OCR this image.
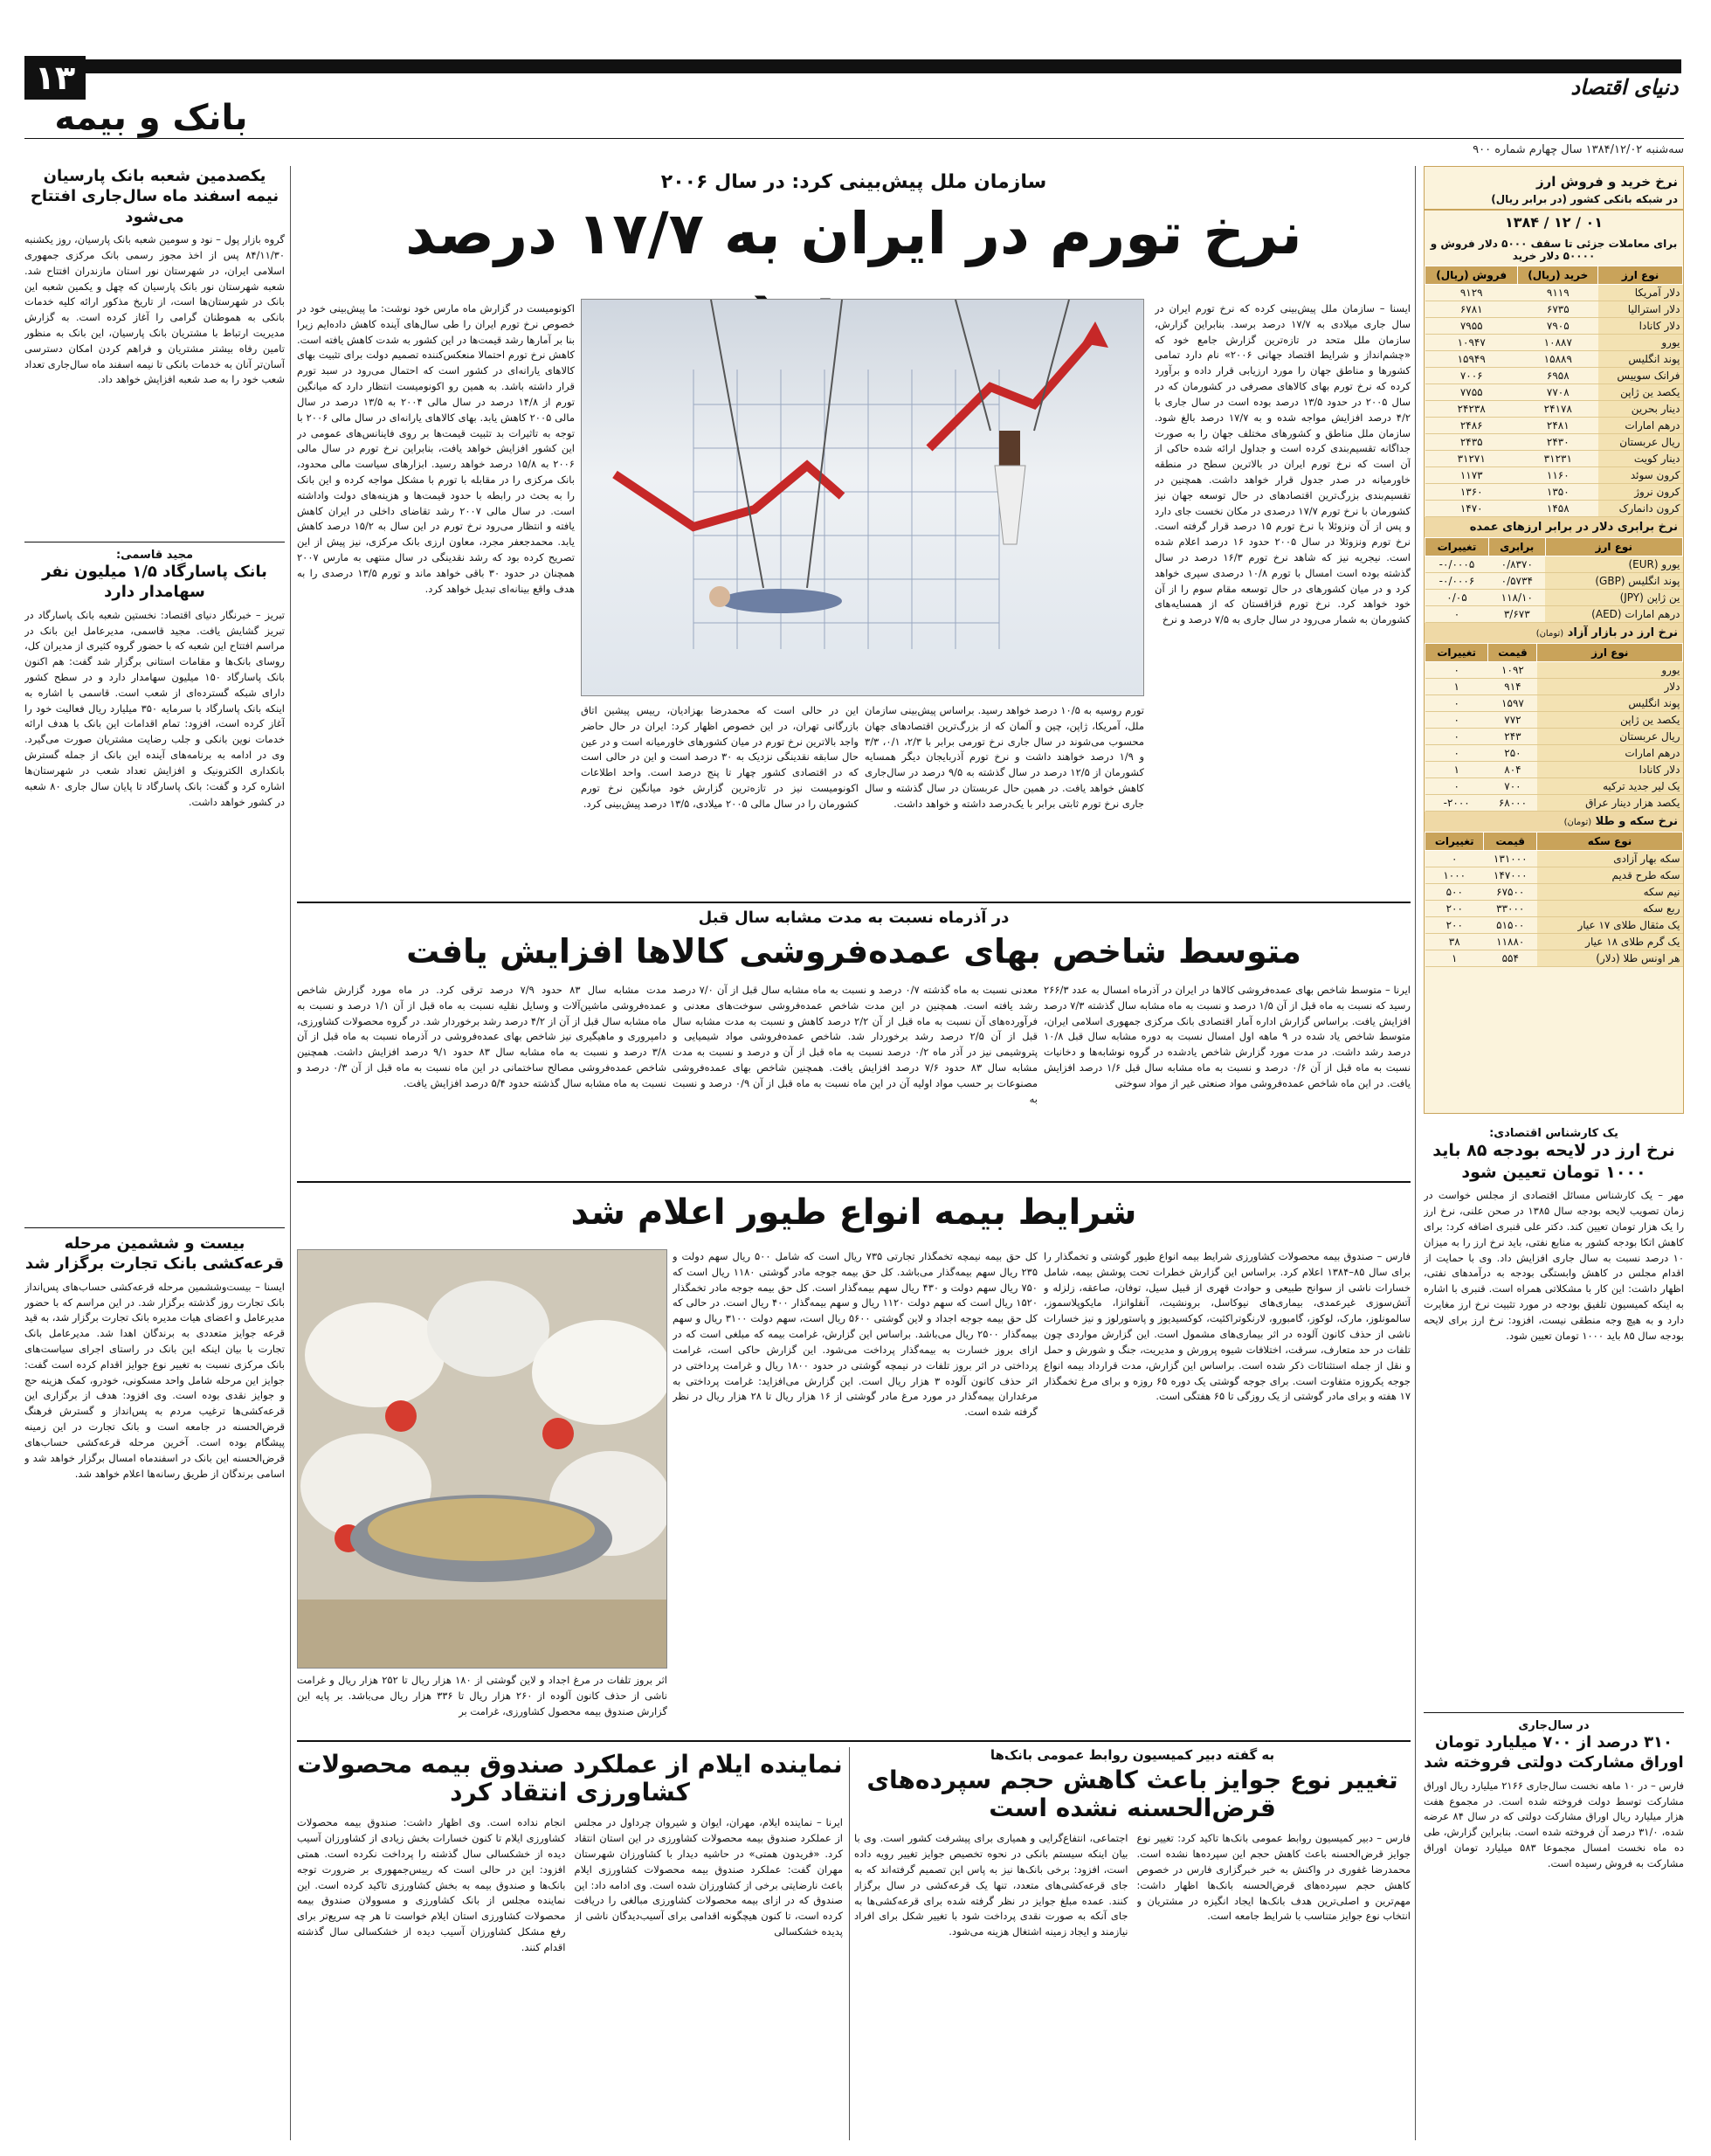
۱۳
بانک و بیمه
دنیای اقتصاد
سه‌شنبه ۱۳۸۴/۱۲/۰۲ سال چهارم شماره ۹۰۰
نرخ خرید و فروش ارز
در شبکه بانکی کشور (در برابر ریال)
۰۱ / ۱۲ / ۱۳۸۴
برای معاملات جزئی تا سقف ۵۰۰۰ دلار فروش و ۵۰۰۰۰ دلار خرید
نوع ارز	خرید (ریال)	فروش (ریال)
دلار آمریکا	۹۱۱۹	۹۱۲۹
دلار استرالیا	۶۷۳۵	۶۷۸۱
دلار کانادا	۷۹۰۵	۷۹۵۵
یورو	۱۰۸۸۷	۱۰۹۴۷
پوند انگلیس	۱۵۸۸۹	۱۵۹۴۹
فرانک سوییس	۶۹۵۸	۷۰۰۶
یکصد ین ژاپن	۷۷۰۸	۷۷۵۵
دینار بحرین	۲۴۱۷۸	۲۴۲۳۸
درهم امارات	۲۴۸۱	۲۴۸۶
ریال عربستان	۲۴۳۰	۲۴۳۵
دینار کویت	۳۱۲۳۱	۳۱۲۷۱
کرون سوئد	۱۱۶۰	۱۱۷۳
کرون نروژ	۱۳۵۰	۱۳۶۰
کرون دانمارک	۱۴۵۸	۱۴۷۰
نرخ برابری دلار در برابر ارزهای عمده
نوع ارز	برابری	تغییرات
یورو (EUR)	۰/۸۳۷۰	-۰/۰۰۰۵
پوند انگلیس (GBP)	۰/۵۷۳۴	-۰/۰۰۰۶
ین ژاپن (JPY)	۱۱۸/۱۰	۰/۰۵
درهم امارات (AED)	۳/۶۷۳	۰
نرخ ارز در بازار آزاد (تومان)
نوع ارز	قیمت	تغییرات
یورو	۱۰۹۲	۰
دلار	۹۱۴	۱
پوند انگلیس	۱۵۹۷	۰
یکصد ین ژاپن	۷۷۲	۰
ریال عربستان	۲۴۳	۰
درهم امارات	۲۵۰	۰
دلار کانادا	۸۰۴	۱
یک لیر جدید ترکیه	۷۰۰	۰
یکصد هزار دینار عراق	۶۸۰۰۰	-۲۰۰۰
نرخ سکه و طلا (تومان)
نوع سکه	قیمت	تغییرات
سکه بهار آزادی	۱۳۱۰۰۰	۰
سکه طرح قدیم	۱۴۷۰۰۰	۱۰۰۰
نیم سکه	۶۷۵۰۰	۵۰۰
ربع سکه	۳۳۰۰۰	۲۰۰
یک مثقال طلای ۱۷ عیار	۵۱۵۰۰	۲۰۰
یک گرم طلای ۱۸ عیار	۱۱۸۸۰	۳۸
هر اونس طلا (دلار)	۵۵۴	۱
یک کارشناس اقتصادی:
نرخ ارز در لایحه بودجه ۸۵ باید ۱۰۰۰ تومان تعیین شود
مهر – یک کارشناس مسائل اقتصادی از مجلس خواست در زمان تصویب لایحه بودجه سال ۱۳۸۵ در صحن علنی، نرخ ارز را یک هزار تومان تعیین کند. دکتر علی قنبری اضافه کرد: برای کاهش اتکا بودجه کشور به منابع نفتی، باید نرخ ارز را به میزان ۱۰ درصد نسبت به سال جاری افزایش داد. وی با حمایت از اقدام مجلس در کاهش وابستگی بودجه به درآمدهای نفتی، اظهار داشت: این کار با مشکلاتی همراه است. قنبری با اشاره به اینکه کمیسیون تلفیق بودجه در مورد تثبیت نرخ ارز مغایرت دارد و به هیچ وجه منطقی نیست، افزود: نرخ ارز برای لایحه بودجه سال ۸۵ باید ۱۰۰۰ تومان تعیین شود.
در سال‌جاری
۳۱۰ درصد از ۷۰۰ میلیارد تومان اوراق مشارکت دولتی فروخته شد
فارس – در ۱۰ ماهه نخست سال‌جاری ۲۱۶۶ میلیارد ریال اوراق مشارکت توسط دولت فروخته شده است. در مجموع هفت هزار میلیارد ریال اوراق مشارکت دولتی که در سال ۸۴ عرضه شده، ۳۱/۰ درصد آن فروخته شده است. بنابراین گزارش، طی ده ماه نخست امسال مجموعا ۵۸۳ میلیارد تومان اوراق مشارکت به فروش رسیده است.
یکصدمین شعبه بانک پارسیان نیمه اسفند ماه سال‌جاری افتتاح می‌شود
گروه بازار پول – نود و سومین شعبه بانک پارسیان، روز یکشنبه ۸۴/۱۱/۳۰ پس از اخذ مجوز رسمی بانک مرکزی جمهوری اسلامی ایران، در شهرستان نور استان مازندران افتتاح شد. شعبه شهرستان نور بانک پارسیان که چهل و یکمین شعبه این بانک در شهرستان‌ها است، از تاریخ مذکور ارائه کلیه خدمات بانکی به هموطنان گرامی را آغاز کرده است. به گزارش مدیریت ارتباط با مشتریان بانک پارسیان، این بانک به منظور تامین رفاه بیشتر مشتریان و فراهم کردن امکان دسترسی آسان‌تر آنان به خدمات بانکی تا نیمه اسفند ماه سال‌جاری تعداد شعب خود را به صد شعبه افزایش خواهد داد.
مجید قاسمی:
بانک پاسارگاد ۱/۵ میلیون نفر سهامدار دارد
تبریز – خبرنگار دنیای اقتصاد: نخستین شعبه بانک پاسارگاد در تبریز گشایش یافت. مجید قاسمی، مدیرعامل این بانک در مراسم افتتاح این شعبه که با حضور گروه کثیری از مدیران کل، روسای بانک‌ها و مقامات استانی برگزار شد گفت: هم اکنون بانک پاسارگاد ۱۵۰ میلیون سهامدار دارد و در سطح کشور دارای شبکه گسترده‌ای از شعب است. قاسمی با اشاره به اینکه بانک پاسارگاد با سرمایه ۳۵۰ میلیارد ریال فعالیت خود را آغاز کرده است، افزود: تمام اقدامات این بانک با هدف ارائه خدمات نوین بانکی و جلب رضایت مشتریان صورت می‌گیرد. وی در ادامه به برنامه‌های آینده این بانک از جمله گسترش بانکداری الکترونیک و افزایش تعداد شعب در شهرستان‌ها اشاره کرد و گفت: بانک پاسارگاد تا پایان سال جاری ۸۰ شعبه در کشور خواهد داشت.
بیست و ششمین مرحله قرعه‌کشی بانک تجارت برگزار شد
ایسنا – بیست‌وششمین مرحله قرعه‌کشی حساب‌های پس‌انداز بانک تجارت روز گذشته برگزار شد. در این مراسم که با حضور مدیرعامل و اعضای هیات مدیره بانک تجارت برگزار شد، به قید قرعه جوایز متعددی به برندگان اهدا شد. مدیرعامل بانک تجارت با بیان اینکه این بانک در راستای اجرای سیاست‌های بانک مرکزی نسبت به تغییر نوع جوایز اقدام کرده است گفت: جوایز این مرحله شامل واحد مسکونی، خودرو، کمک هزینه حج و جوایز نقدی بوده است. وی افزود: هدف از برگزاری این قرعه‌کشی‌ها ترغیب مردم به پس‌انداز و گسترش فرهنگ قرض‌الحسنه در جامعه است و بانک تجارت در این زمینه پیشگام بوده است. آخرین مرحله قرعه‌کشی حساب‌های قرض‌الحسنه این بانک در اسفندماه امسال برگزار خواهد شد و اسامی برندگان از طریق رسانه‌ها اعلام خواهد شد.
سازمان ملل پیش‌بینی کرد: در سال ۲۰۰۶
نرخ تورم در ایران به ۱۷/۷ درصد
ایسنا – سازمان ملل پیش‌بینی کرده که نرخ تورم ایران در سال جاری میلادی به ۱۷/۷ درصد برسد. بنابراین گزارش، سازمان ملل متحد در تازه‌ترین گزارش جامع خود که «چشم‌انداز و شرایط اقتصاد جهانی ۲۰۰۶» نام دارد تمامی کشورها و مناطق جهان را مورد ارزیابی قرار داده و برآورد کرده که نرخ تورم بهای کالاهای مصرفی در کشورمان که در سال ۲۰۰۵ در حدود ۱۳/۵ درصد بوده است در سال جاری با ۴/۲ درصد افزایش مواجه شده و به ۱۷/۷ درصد بالغ شود. سازمان ملل مناطق و کشورهای مختلف جهان را به صورت جداگانه تقسیم‌بندی کرده است و جداول ارائه شده حاکی از آن است که نرخ تورم ایران در بالاترین سطح در منطقه خاورمیانه در صدر جدول قرار خواهد داشت. همچنین در تقسیم‌بندی بزرگ‌ترین اقتصادهای در حال توسعه جهان نیز کشورمان با نرخ تورم ۱۷/۷ درصدی در مکان نخست جای دارد و پس از آن ونزوئلا با نرخ تورم ۱۵ درصد قرار گرفته است. نرخ تورم ونزوئلا در سال ۲۰۰۵ حدود ۱۶ درصد اعلام شده است. نیجریه نیز که شاهد نرخ تورم ۱۶/۳ درصد در سال گذشته بوده است امسال با تورم ۱۰/۸ درصدی سپری خواهد کرد و در میان کشورهای در حال توسعه مقام سوم را از آن خود خواهد کرد. نرخ تورم قزاقستان که از همسایه‌های کشورمان به شمار می‌رود در سال جاری به ۷/۵ درصد و نرخ
تورم روسیه به ۱۰/۵ درصد خواهد رسید. براساس پیش‌بینی سازمان ملل، آمریکا، ژاپن، چین و آلمان که از بزرگ‌ترین اقتصادهای جهان محسوب می‌شوند در سال جاری نرخ تورمی برابر با ۲/۳، ۰/۱، ۳/۳ و ۱/۹ درصد خواهند داشت و نرخ تورم آذربایجان دیگر همسایه کشورمان از ۱۲/۵ درصد در سال گذشته به ۹/۵ درصد در سال‌جاری کاهش خواهد یافت. در همین حال عربستان در سال گذشته و سال جاری نرخ تورم ثابتی برابر با یک‌درصد داشته و خواهد داشت.
این در حالی است که محمدرضا بهزادیان، رییس پیشین اتاق بازرگانی تهران، در این خصوص اظهار کرد: ایران در حال حاضر واجد بالاترین نرخ تورم در میان کشورهای خاورمیانه است و در عین حال سابقه نقدینگی نزدیک به ۳۰ درصد است و این در حالی است که در اقتصادی کشور چهار تا پنج درصد است. واحد اطلاعات اکونومیست نیز در تازه‌ترین گزارش خود میانگین نرخ تورم کشورمان را در سال مالی ۲۰۰۵ میلادی، ۱۳/۵ درصد پیش‌بینی کرد.
اکونومیست در گزارش ماه مارس خود نوشت: ما پیش‌بینی خود در خصوص نرخ تورم ایران را طی سال‌های آینده کاهش داده‌ایم زیرا بنا بر آمارها رشد قیمت‌ها در این کشور به شدت کاهش یافته است. کاهش نرخ تورم احتمالا منعکس‌کننده تصمیم دولت برای تثبیت بهای کالاهای یارانه‌ای در کشور است که احتمال می‌رود در سبد تورم قرار داشته باشد. به همین رو اکونومیست انتظار دارد که میانگین تورم از ۱۴/۸ درصد در سال مالی ۲۰۰۴ به ۱۳/۵ درصد در سال مالی ۲۰۰۵ کاهش یابد. بهای کالاهای یارانه‌ای در سال مالی ۲۰۰۶ با توجه به تاثیرات بد تثبیت قیمت‌ها بر روی فاینانس‌های عمومی در این کشور افزایش خواهد یافت، بنابراین نرخ تورم در سال مالی ۲۰۰۶ به ۱۵/۸ درصد خواهد رسید. ابزارهای سیاست مالی محدود، بانک مرکزی را در مقابله با تورم با مشکل مواجه کرده و این بانک را به بحث در رابطه با حدود قیمت‌ها و هزینه‌های دولت واداشته است. در سال مالی ۲۰۰۷ رشد تقاضای داخلی در ایران کاهش یافته و انتظار می‌رود نرخ تورم در این سال به ۱۵/۲ درصد کاهش یابد. محمدجعفر مجرد، معاون ارزی بانک مرکزی، نیز پیش از این تصریح کرده بود که رشد نقدینگی در سال منتهی به مارس ۲۰۰۷ همچنان در حدود ۳۰ باقی خواهد ماند و تورم ۱۳/۵ درصدی را به هدف واقع بینانه‌ای تبدیل خواهد کرد.
در آذرماه نسبت به مدت مشابه سال قبل
متوسط شاخص بهای عمده‌فروشی کالاها افزایش یافت
ایرنا – متوسط شاخص بهای عمده‌فروشی کالاها در ایران در آذرماه امسال به عدد ۲۶۶/۳ رسید که نسبت به ماه قبل از آن ۱/۵ درصد و نسبت به ماه مشابه سال گذشته ۷/۳ درصد افزایش یافت. براساس گزارش اداره آمار اقتصادی بانک مرکزی جمهوری اسلامی ایران، متوسط شاخص یاد شده در ۹ ماهه اول امسال نسبت به دوره مشابه سال قبل ۱۰/۸ درصد رشد داشت. در مدت مورد گزارش شاخص یادشده در گروه نوشابه‌ها و دخانیات نسبت به ماه قبل از آن ۰/۶ درصد و نسبت به ماه مشابه سال قبل ۱/۶ درصد افزایش یافت. در این ماه شاخص عمده‌فروشی مواد صنعتی غیر از مواد سوختی
معدنی نسبت به ماه گذشته ۰/۷ درصد و نسبت به ماه مشابه سال قبل از آن ۷/۰ درصد رشد یافته است. همچنین در این مدت شاخص عمده‌فروشی سوخت‌های معدنی و فرآورده‌های آن نسبت به ماه قبل از آن ۲/۲ درصد کاهش و نسبت به مدت مشابه سال قبل از آن ۲/۵ درصد رشد برخوردار شد. شاخص عمده‌فروشی مواد شیمیایی و پتروشیمی نیز در آذر ماه ۰/۲ درصد نسبت به ماه قبل از آن و درصد و نسبت به مدت مشابه سال ۸۳ حدود ۷/۶ درصد افزایش یافت. همچنین شاخص بهای عمده‌فروشی مصنوعات بر حسب مواد اولیه آن در این ماه نسبت به ماه قبل از آن ۰/۹ درصد و نسبت به
مدت مشابه سال ۸۳ حدود ۷/۹ درصد ترقی کرد. در ماه مورد گزارش شاخص عمده‌فروشی ماشین‌آلات و وسایل نقلیه نسبت به ماه قبل از آن ۱/۱ درصد و نسبت به ماه مشابه سال قبل از آن از ۴/۲ درصد رشد برخوردار شد. در گروه محصولات کشاورزی، دامپروری و ماهیگیری نیز شاخص بهای عمده‌فروشی در آذرماه نسبت به ماه قبل از آن ۳/۸ درصد و نسبت به ماه مشابه سال ۸۳ حدود ۹/۱ درصد افزایش داشت. همچنین شاخص عمده‌فروشی مصالح ساختمانی در این ماه نسبت به ماه قبل از آن ۰/۳ درصد و نسبت به ماه مشابه سال گذشته حدود ۵/۴ درصد افزایش یافت.
شرایط بیمه انواع طیور اعلام شد
فارس – صندوق بیمه محصولات کشاورزی شرایط بیمه انواع طیور گوشتی و تخمگذار را برای سال ۸۵–۱۳۸۴ اعلام کرد. براساس این گزارش خطرات تحت پوشش بیمه، شامل خسارات ناشی از سوانح طبیعی و حوادث قهری از قبیل سیل، توفان، صاعقه، زلزله و آتش‌سوزی غیرعمدی، بیماری‌های نیوکاسل، برونشیت، آنفلوانزا، مایکوپلاسموز، سالمونلوز، مارک، لوکوز، گامبورو، لارنگوتراکئیت، کوکسیدیوز و پاستورلوز و نیز خسارات ناشی از حذف کانون آلوده در اثر بیماری‌های مشمول است. این گزارش مواردی چون تلفات در حد متعارف، سرقت، اختلافات شیوه پرورش و مدیریت، جنگ و شورش و حمل و نقل از جمله استثنائات ذکر شده است. براساس این گزارش، مدت قرارداد بیمه انواع جوجه یکروزه متفاوت است. برای جوجه گوشتی یک دوره ۶۵ روزه و برای مرغ تخمگذار ۱۷ هفته و برای مادر گوشتی از یک روزگی تا ۶۵ هفتگی است.
کل حق بیمه نیمچه تخمگذار تجارتی ۷۳۵ ریال است که شامل ۵۰۰ ریال سهم دولت و ۲۳۵ ریال سهم بیمه‌گذار می‌باشد. کل حق بیمه جوجه مادر گوشتی ۱۱۸۰ ریال است که ۷۵۰ ریال سهم دولت و ۴۳۰ ریال سهم بیمه‌گذار است. کل حق بیمه جوجه مادر تخمگذار ۱۵۲۰ ریال است که سهم دولت ۱۱۲۰ ریال و سهم بیمه‌گذار ۴۰۰ ریال است. در حالی که کل حق بیمه جوجه اجداد و لاین گوشتی ۵۶۰۰ ریال است، سهم دولت ۳۱۰۰ ریال و سهم بیمه‌گذار ۲۵۰۰ ریال می‌باشد. براساس این گزارش، غرامت بیمه که مبلغی است که در ازای بروز خسارت به بیمه‌گذار پرداخت می‌شود. این گزارش حاکی است، غرامت پرداختی در اثر بروز تلفات در نیمچه گوشتی در حدود ۱۸۰۰ ریال و غرامت پرداختی در اثر حذف کانون آلوده ۳ هزار ریال است. این گزارش می‌افزاید: غرامت پرداختی به مرغداران بیمه‌گذار در مورد مرغ مادر گوشتی از ۱۶ هزار ریال تا ۲۸ هزار ریال در نظر گرفته شده است.
اثر بروز تلفات در مرغ اجداد و لاین گوشتی از ۱۸۰ هزار ریال تا ۲۵۲ هزار ریال و غرامت ناشی از حذف کانون آلوده از ۲۶۰ هزار ریال تا ۳۳۶ هزار ریال می‌باشد. بر پایه این گزارش صندوق بیمه محصول کشاورزی، غرامت بر
به گفته دبیر کمیسیون روابط عمومی بانک‌ها
تغییر نوع جوایز باعث کاهش حجم سپرده‌های قرض‌الحسنه نشده است
فارس – دبیر کمیسیون روابط عمومی بانک‌ها تاکید کرد: تغییر نوع جوایز قرض‌الحسنه باعث کاهش حجم این سپرده‌ها نشده است. محمدرضا غفوری در واکنش به خبر خبرگزاری فارس در خصوص کاهش حجم سپرده‌های قرض‌الحسنه بانک‌ها اظهار داشت: مهم‌ترین و اصلی‌ترین هدف بانک‌ها ایجاد انگیزه در مشتریان و انتخاب نوع جوایز متناسب با شرایط جامعه است.
اجتماعی، انتفاع‌گرایی و همیاری برای پیشرفت کشور است. وی با بیان اینکه سیستم بانکی در نحوه تخصیص جوایز تغییر رویه داده است، افزود: برخی بانک‌ها نیز به پاس این تصمیم گرفته‌اند که به جای قرعه‌کشی‌های متعدد، تنها یک قرعه‌کشی در سال برگزار کنند. عمده مبلغ جوایز در نظر گرفته شده برای قرعه‌کشی‌ها به جای آنکه به صورت نقدی پرداخت شود با تغییر شکل برای افراد نیازمند و ایجاد زمینه اشتغال هزینه می‌شود.
نماینده ایلام از عملکرد صندوق بیمه محصولات کشاورزی انتقاد کرد
ایرنا – نماینده ایلام، مهران، ایوان و شیروان چرداول در مجلس از عملکرد صندوق بیمه محصولات کشاورزی در این استان انتقاد کرد. «فریدون همتی» در حاشیه دیدار با کشاورزان شهرستان مهران گفت: عملکرد صندوق بیمه محصولات کشاورزی ایلام باعث نارضایتی برخی از کشاورزان شده است. وی ادامه داد: این صندوق که در ازای بیمه محصولات کشاورزی مبالغی را دریافت کرده است، تا کنون هیچگونه اقدامی برای آسیب‌دیدگان ناشی از پدیده خشکسالی
انجام نداده است. وی اظهار داشت: صندوق بیمه محصولات کشاورزی ایلام تا کنون خسارات بخش زیادی از کشاورزان آسیب دیده از خشکسالی سال گذشته را پرداخت نکرده است. همتی افزود: این در حالی است که رییس‌جمهوری بر ضرورت توجه بانک‌ها و صندوق بیمه به بخش کشاورزی تاکید کرده است. این نماینده مجلس از بانک کشاورزی و مسوولان صندوق بیمه محصولات کشاورزی استان ایلام خواست تا هر چه سریع‌تر برای رفع مشکل کشاورزان آسیب دیده از خشکسالی سال گذشته اقدام کنند.
